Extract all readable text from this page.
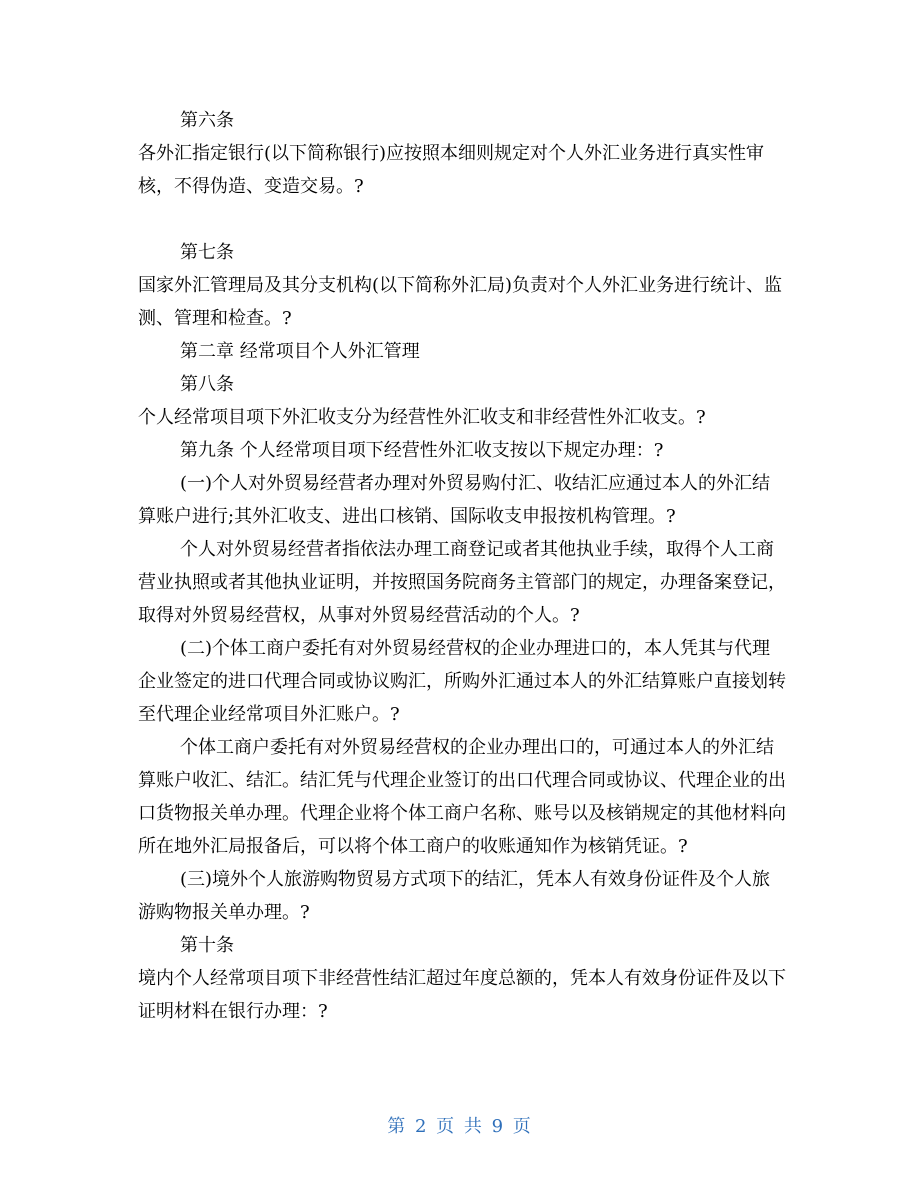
第六条

各外汇指定银行(以下简称银行)应按照本细则规定对个人外汇业务进行真实性审核，不得伪造、变造交易。?

第七条

国家外汇管理局及其分支机构(以下简称外汇局)负责对个人外汇业务进行统计、监测、管理和检查。?

第二章 经常项目个人外汇管理

第八条

个人经常项目项下外汇收支分为经营性外汇收支和非经营性外汇收支。?

第九条 个人经常项目项下经营性外汇收支按以下规定办理：?

(一)个人对外贸易经营者办理对外贸易购付汇、收结汇应通过本人的外汇结算账户进行;其外汇收支、进出口核销、国际收支申报按机构管理。?

个人对外贸易经营者指依法办理工商登记或者其他执业手续，取得个人工商营业执照或者其他执业证明，并按照国务院商务主管部门的规定，办理备案登记，取得对外贸易经营权，从事对外贸易经营活动的个人。?

(二)个体工商户委托有对外贸易经营权的企业办理进口的，本人凭其与代理企业签定的进口代理合同或协议购汇，所购外汇通过本人的外汇结算账户直接划转至代理企业经常项目外汇账户。?

个体工商户委托有对外贸易经营权的企业办理出口的，可通过本人的外汇结算账户收汇、结汇。结汇凭与代理企业签订的出口代理合同或协议、代理企业的出口货物报关单办理。代理企业将个体工商户名称、账号以及核销规定的其他材料向所在地外汇局报备后，可以将个体工商户的收账通知作为核销凭证。?

(三)境外个人旅游购物贸易方式项下的结汇，凭本人有效身份证件及个人旅游购物报关单办理。?

第十条

境内个人经常项目项下非经营性结汇超过年度总额的，凭本人有效身份证件及以下证明材料在银行办理：?

第 2 页 共 9 页
